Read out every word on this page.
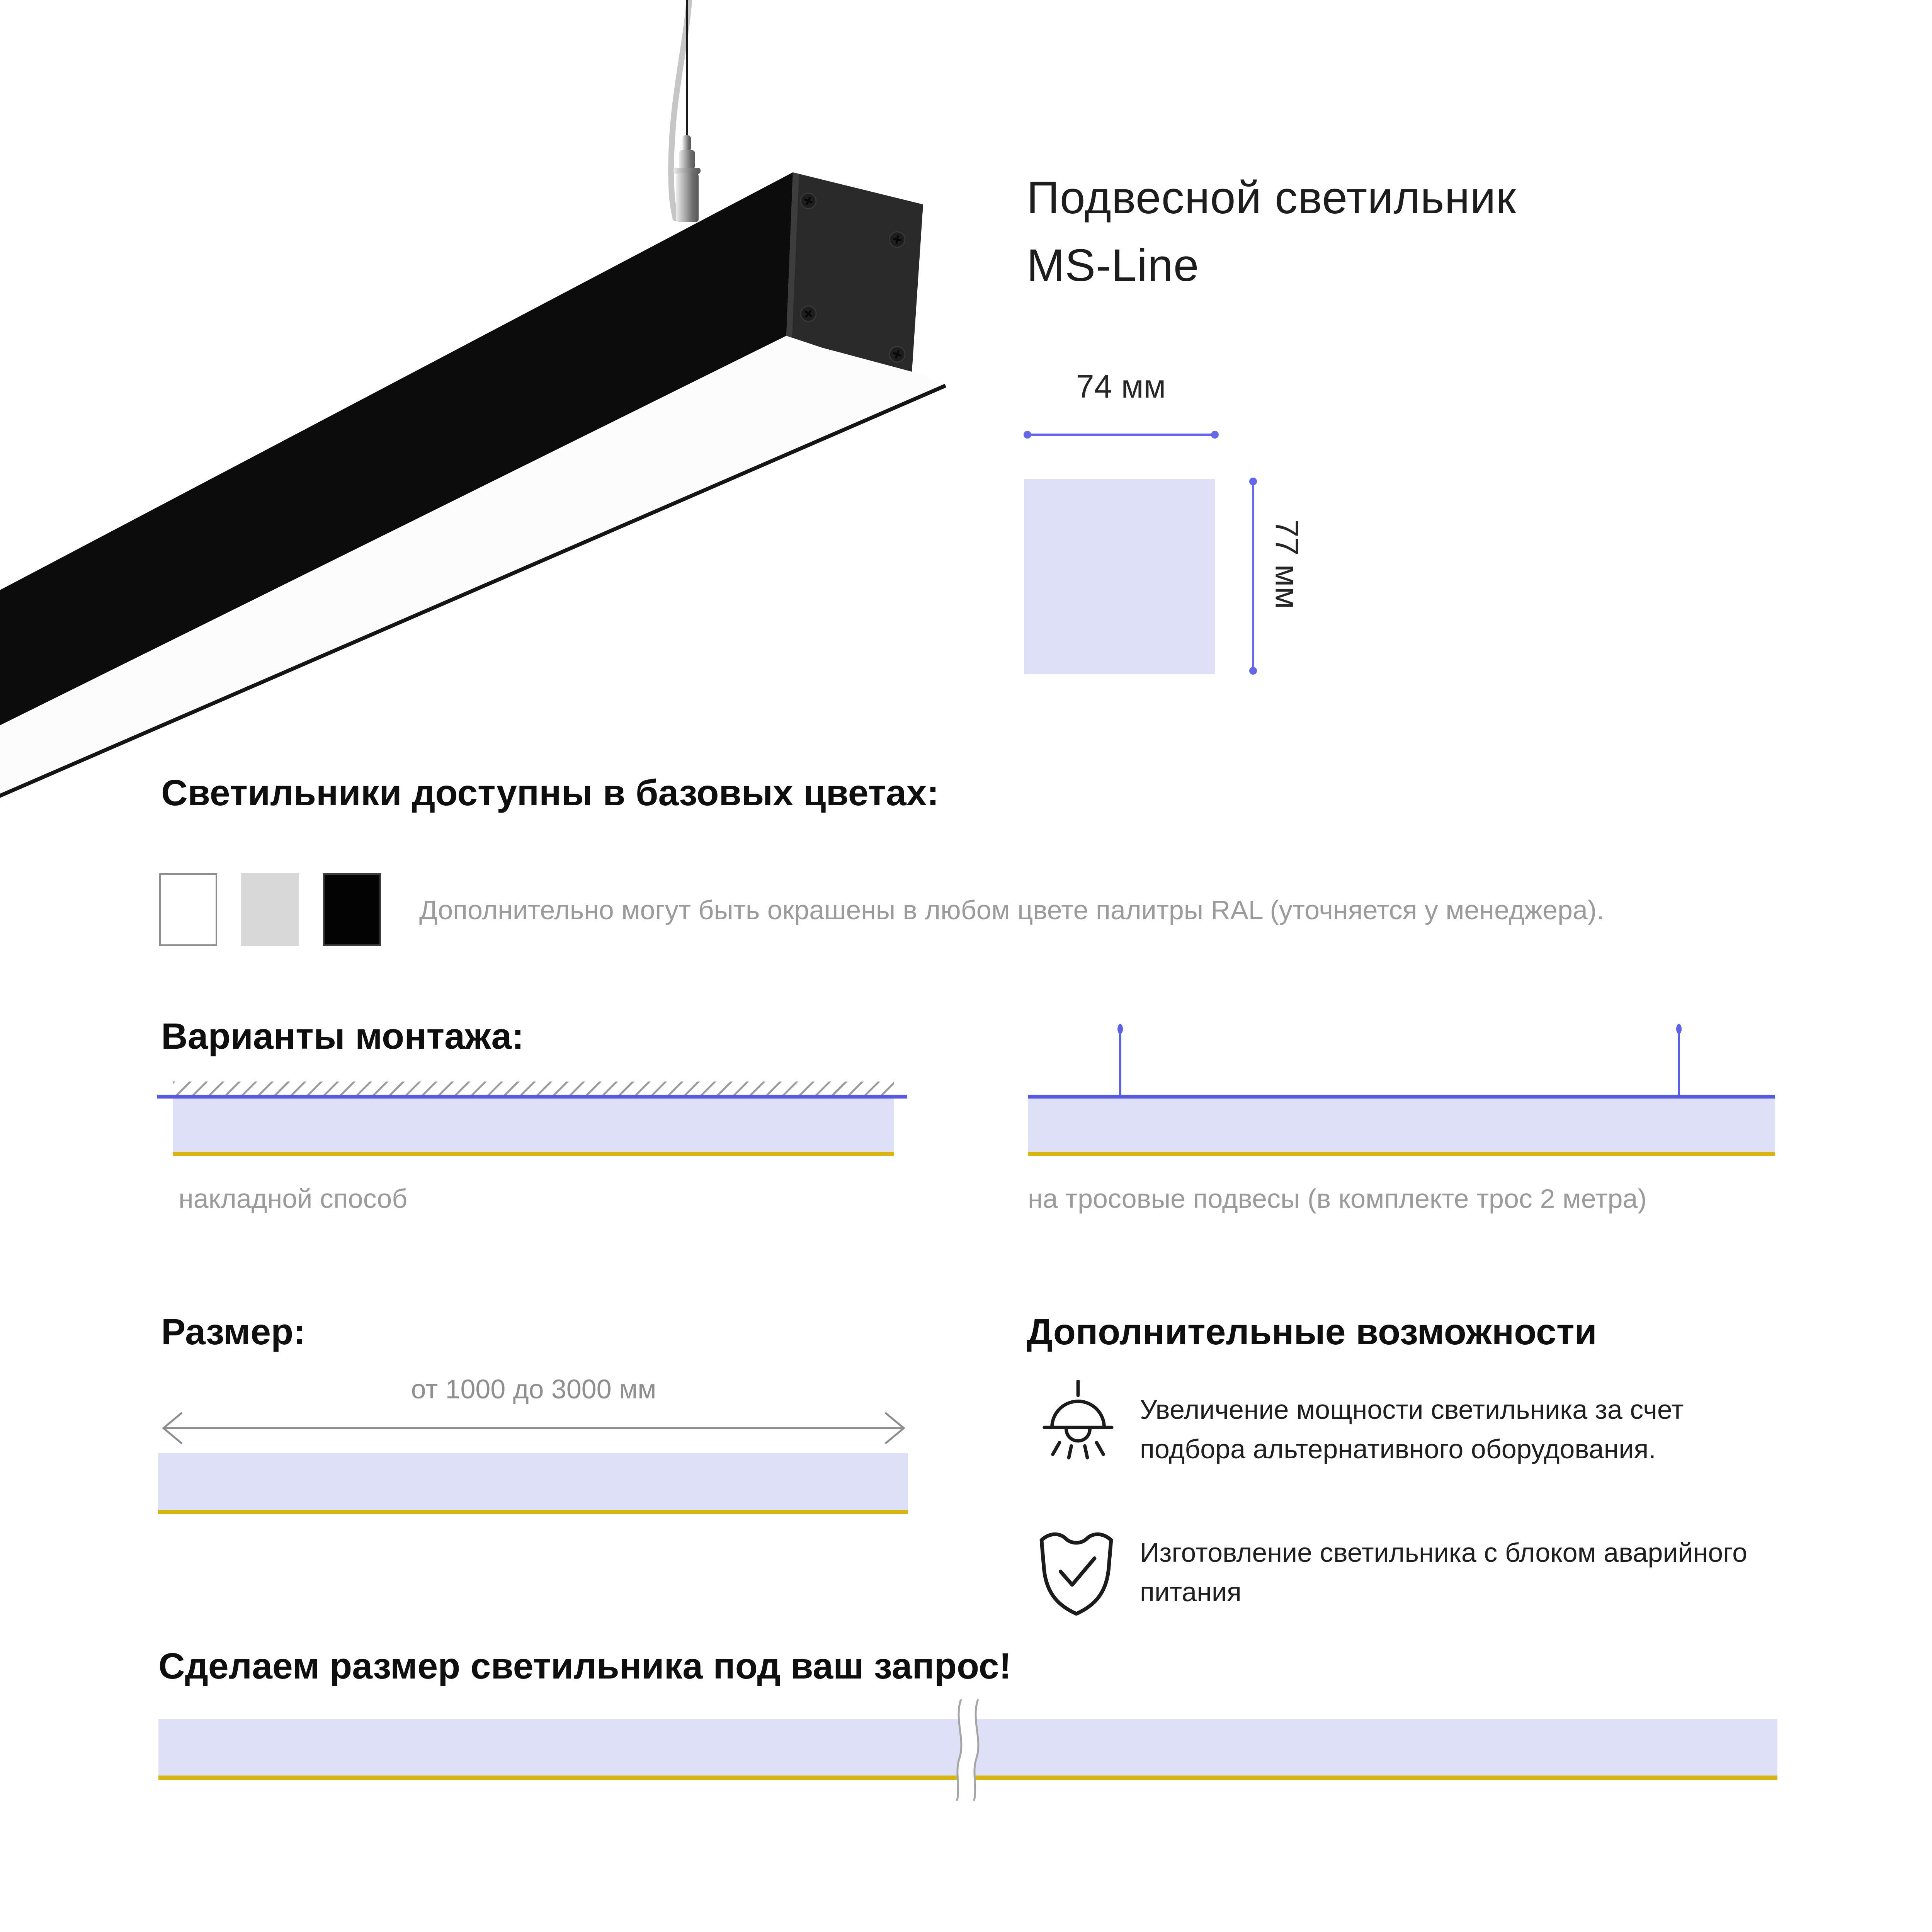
Подвесной светильник
MS-Line
74 мм
77 мм
Светильники доступны в базовых цветах:
Дополнительно могут быть окрашены в любом цвете палитры RAL (уточняется у менеджера).
Варианты монтажа:
накладной способ	на тросовые подвесы (в комплекте трос 2 метра)
Размер:
от 1000 до 3000 мм
Дополнительные возможности
Увеличение мощности светильника за счет подбора альтернативного оборудования.
Изготовление светильника с блоком аварийного питания
Сделаем размер светильника под ваш запрос!
